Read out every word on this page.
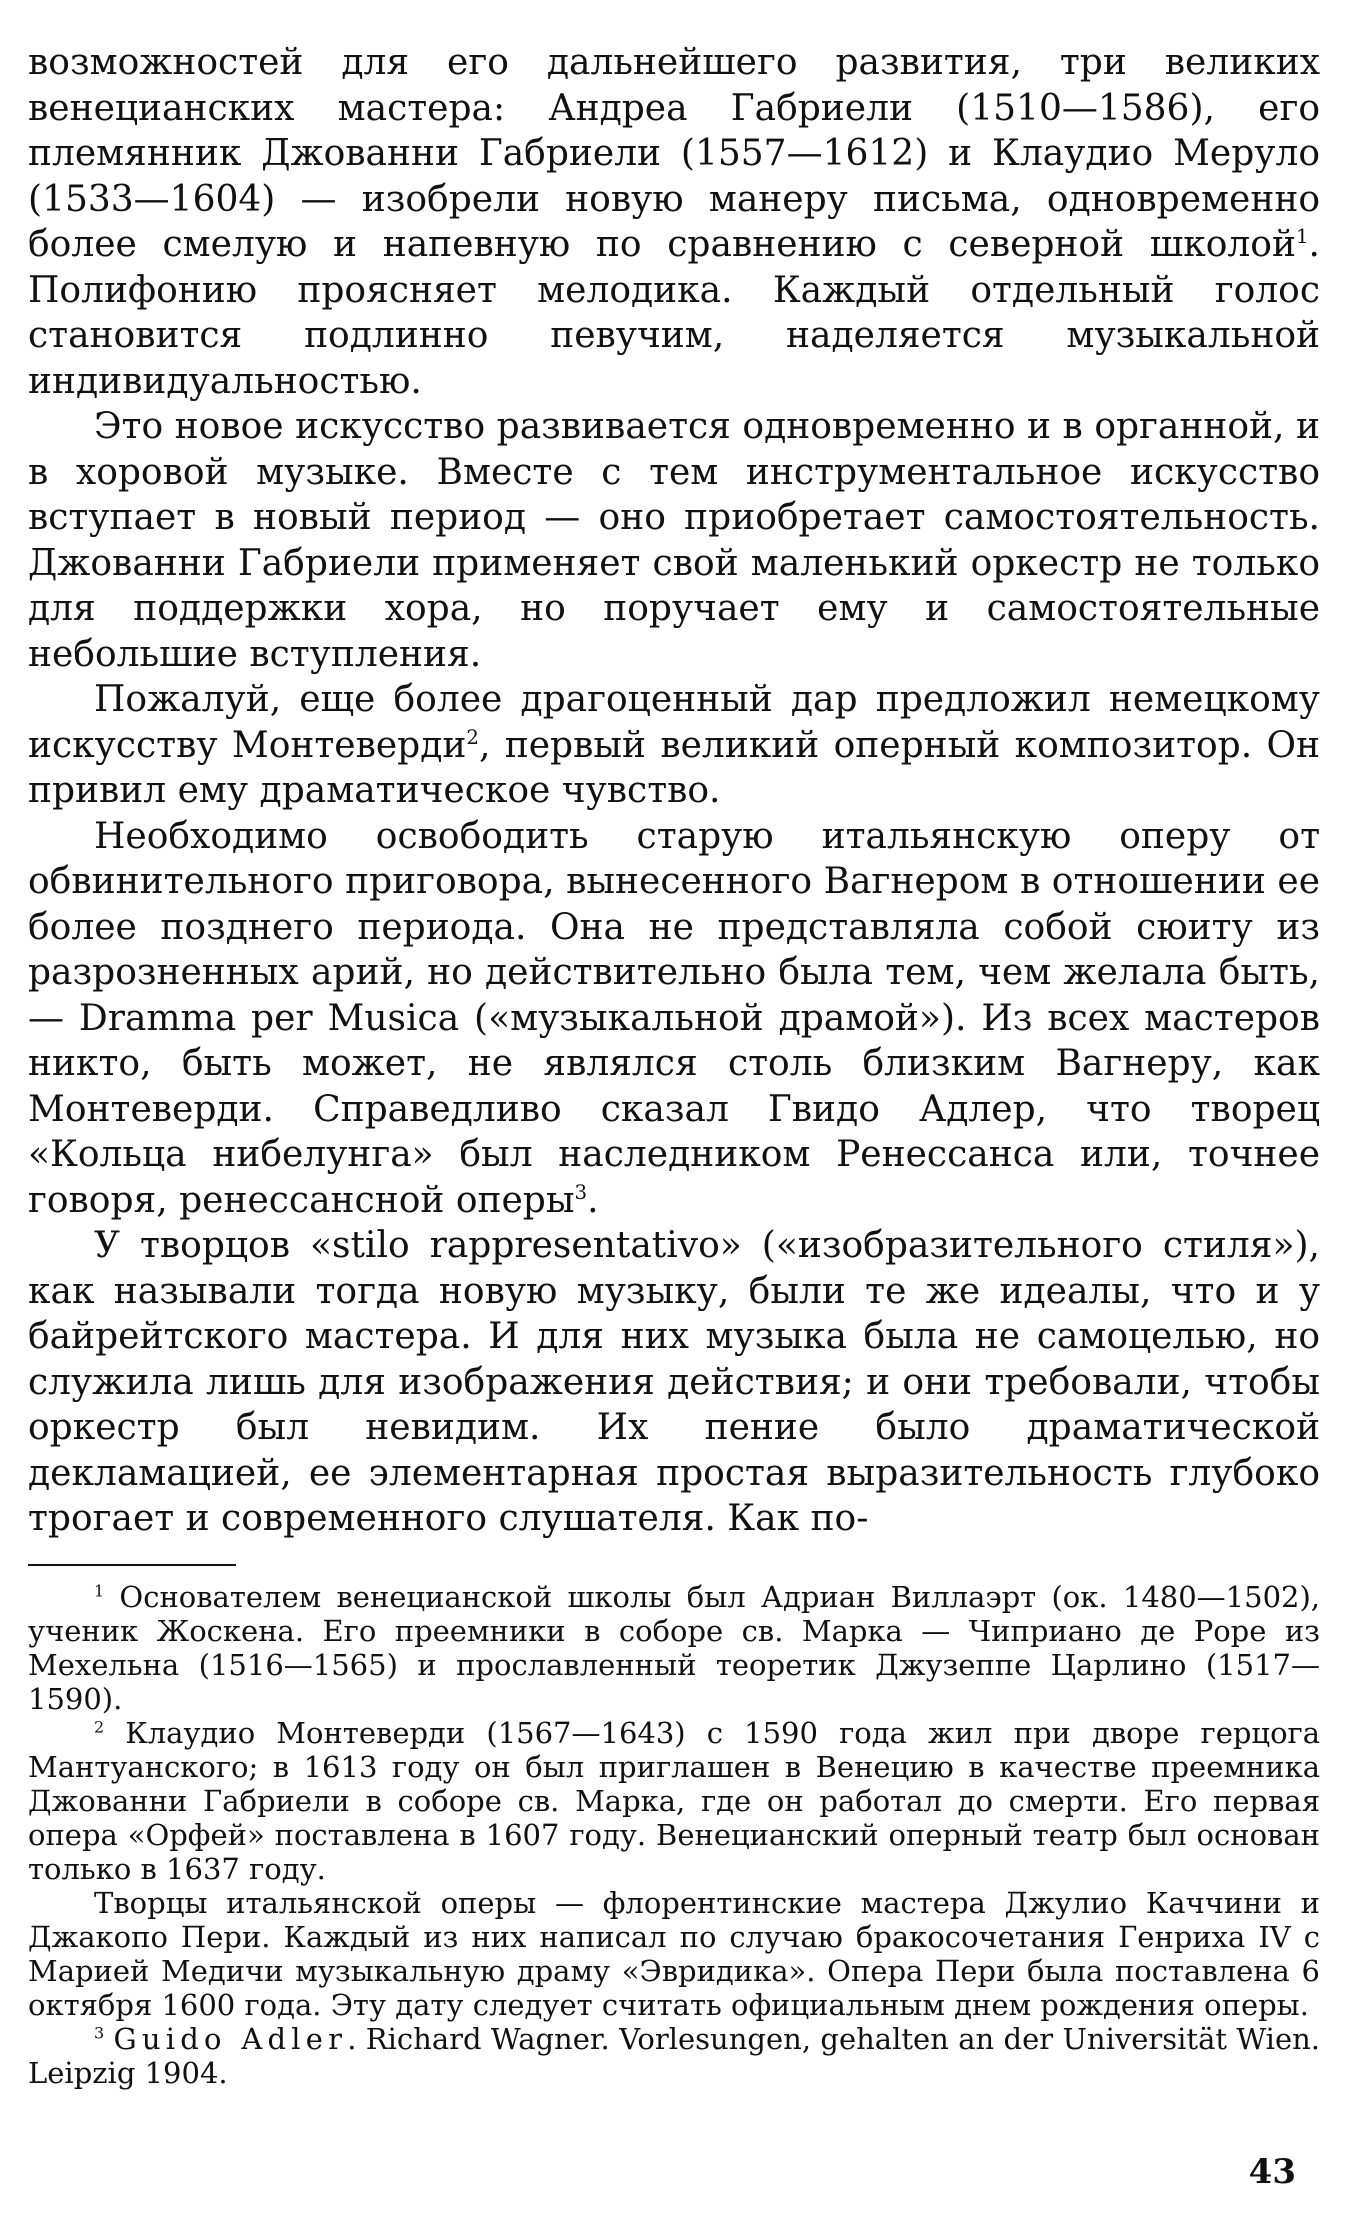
возможностей для его дальнейшего развития, три великих венецианских мастера: Андреа Габриели (1510—1586), его племянник Джованни Габриели (1557—1612) и Клаудио Меруло (1533—1604) — изобрели новую манеру письма, одновременно более смелую и напевную по сравнению с северной школой$^1$. Полифонию проясняет мелодика. Каждый отдельный голос становится подлинно певучим, наделяется музыкальной индивидуальностью.

Это новое искусство развивается одновременно и в органной, и в хоровой музыке. Вместе с тем инструментальное искусство вступает в новый период — оно приобретает самостоятельность. Джованни Габриели применяет свой маленький оркестр не только для поддержки хора, но поручает ему и самостоятельные небольшие вступления.

Пожалуй, еще более драгоценный дар предложил немецкому искусству Монтеверди$^2$, первый великий оперный композитор. Он привил ему драматическое чувство.

Необходимо освободить старую итальянскую оперу от обвинительного приговора, вынесенного Вагнером в отношении ее более позднего периода. Она не представляла собой сюиту из разрозненных арий, но действительно была тем, чем желала быть, — Dramma per Musica («музыкальной драмой»). Из всех мастеров никто, быть может, не являлся столь близким Вагнеру, как Монтеверди. Справедливо сказал Гвидо Адлер, что творец «Кольца нибелунга» был наследником Ренессанса или, точнее говоря, ренессансной оперы$^3$.

У творцов «stilo rappresentativo» («изобразительного стиля»), как называли тогда новую музыку, были те же идеалы, что и у байрейтского мастера. И для них музыка была не самоцелью, но служила лишь для изображения действия; и они требовали, чтобы оркестр был невидим. Их пение было драматической декламацией, ее элементарная простая выразительность глубоко трогает и современного слушателя. Как по-

$^1$ Основателем венецианской школы был Адриан Виллаэрт (ок. 1480—1502), ученик Жоскена. Его преемники в соборе св. Марка — Чиприано де Роре из Мехельна (1516—1565) и прославленный теоретик Джузеппе Царлино (1517—1590).

$^2$ Клаудио Монтеверди (1567—1643) с 1590 года жил при дворе герцога Мантуанского; в 1613 году он был приглашен в Венецию в качестве преемника Джованни Габриели в соборе св. Марка, где он работал до смерти. Его первая опера «Орфей» поставлена в 1607 году. Венецианский оперный театр был основан только в 1637 году.

Творцы итальянской оперы — флорентинские мастера Джулио Каччини и Джакопо Пери. Каждый из них написал по случаю бракосочетания Генриха IV с Марией Медичи музыкальную драму «Эвридика». Опера Пери была поставлена 6 октября 1600 года. Эту дату следует считать официальным днем рождения оперы.

$^3$ Guido Adler. Richard Wagner. Vorlesungen, gehalten an der Universität Wien. Leipzig 1904.

43
